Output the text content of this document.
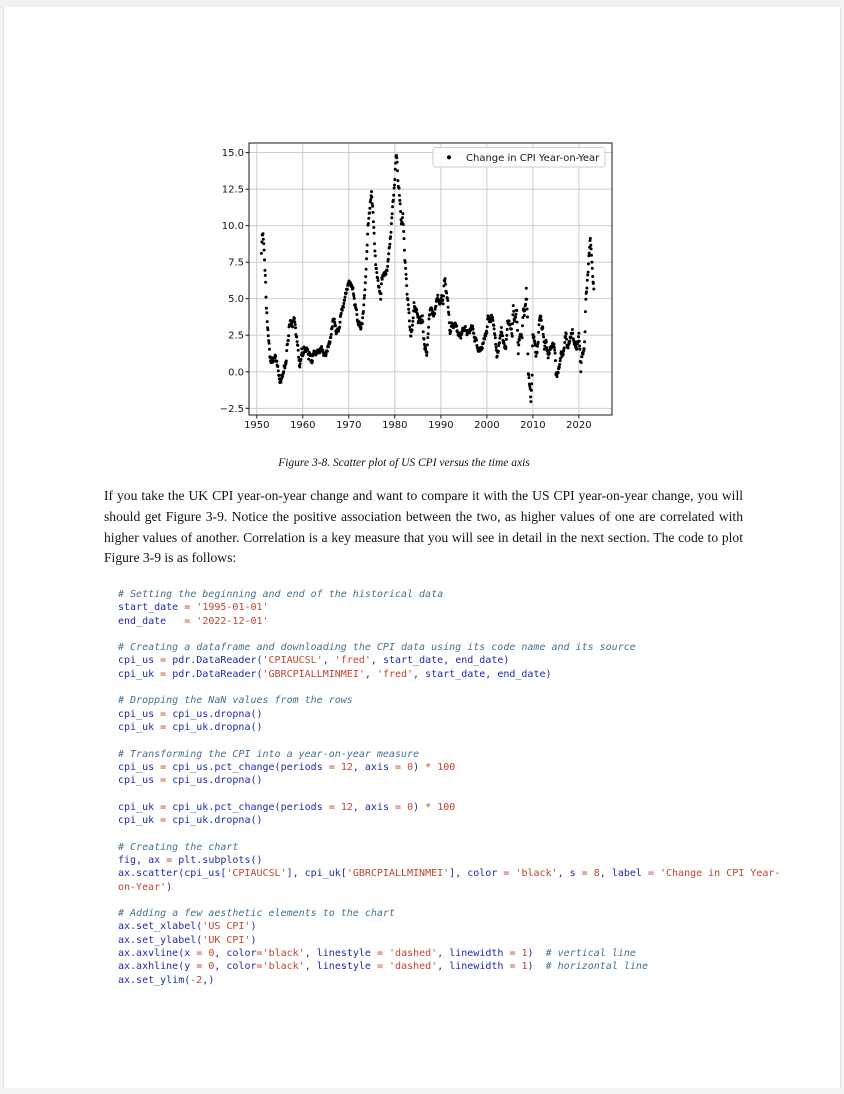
1950 1960 1970 1980 1990 2000 2010 2020
15.0
12.5
10.0
7.5
5.0
2.5
0.0
−2.5
Change in CPI Year-on-Year
Figure 3-8. Scatter plot of US CPI versus the time axis
If you take the UK CPI year-on-year change and want to compare it with the US CPI year-on-year change, you will should get Figure 3-9. Notice the positive association between the two, as higher values of one are correlated with higher values of another. Correlation is a key measure that you will see in detail in the next section. The code to plot Figure 3-9 is as follows:
# Setting the beginning and end of the historical data
start_date = '1995-01-01'
end_date   = '2022-12-01'
# Creating a dataframe and downloading the CPI data using its code name and its source
cpi_us = pdr.DataReader('CPIAUCSL', 'fred', start_date, end_date)
cpi_uk = pdr.DataReader('GBRCPIALLMINMEI', 'fred', start_date, end_date)
# Dropping the NaN values from the rows
cpi_us = cpi_us.dropna()
cpi_uk = cpi_uk.dropna()
# Transforming the CPI into a year-on-year measure
cpi_us = cpi_us.pct_change(periods = 12, axis = 0) * 100
cpi_us = cpi_us.dropna()
cpi_uk = cpi_uk.pct_change(periods = 12, axis = 0) * 100
cpi_uk = cpi_uk.dropna()
# Creating the chart
fig, ax = plt.subplots()
ax.scatter(cpi_us['CPIAUCSL'], cpi_uk['GBRCPIALLMINMEI'], color = 'black', s = 8, label = 'Change in CPI Year-on-Year')
# Adding a few aesthetic elements to the chart
ax.set_xlabel('US CPI')
ax.set_ylabel('UK CPI')
ax.axvline(x = 0, color='black', linestyle = 'dashed', linewidth = 1)  # vertical line
ax.axhline(y = 0, color='black', linestyle = 'dashed', linewidth = 1)  # horizontal line
ax.set_ylim(-2,)
